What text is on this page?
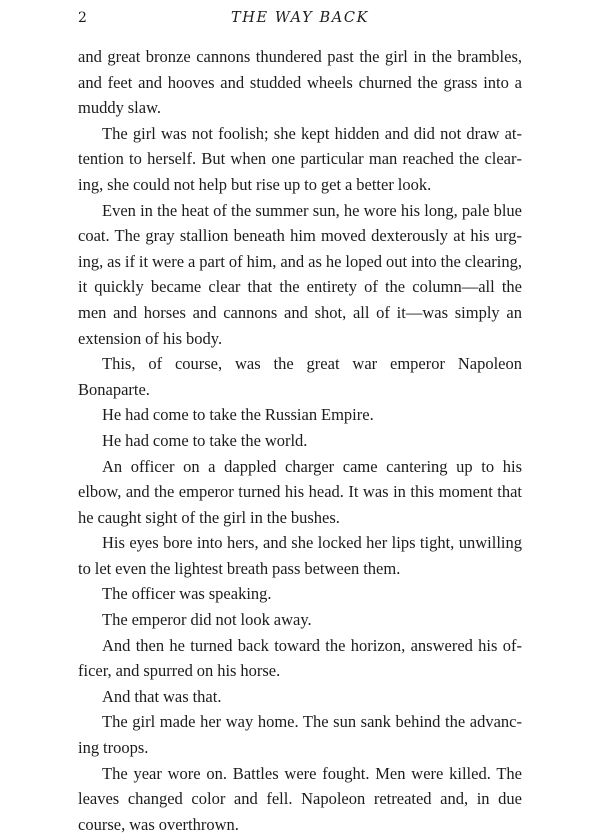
2	THE WAY BACK

and great bronze cannons thundered past the girl in the brambles, and feet and hooves and studded wheels churned the grass into a muddy slaw.

The girl was not foolish; she kept hidden and did not draw attention to herself. But when one particular man reached the clearing, she could not help but rise up to get a better look.

Even in the heat of the summer sun, he wore his long, pale blue coat. The gray stallion beneath him moved dexterously at his urging, as if it were a part of him, and as he loped out into the clearing, it quickly became clear that the entirety of the column—all the men and horses and cannons and shot, all of it—was simply an extension of his body.

This, of course, was the great war emperor Napoleon Bonaparte.

He had come to take the Russian Empire.

He had come to take the world.

An officer on a dappled charger came cantering up to his elbow, and the emperor turned his head. It was in this moment that he caught sight of the girl in the bushes.

His eyes bore into hers, and she locked her lips tight, unwilling to let even the lightest breath pass between them.

The officer was speaking.

The emperor did not look away.

And then he turned back toward the horizon, answered his officer, and spurred on his horse.

And that was that.

The girl made her way home. The sun sank behind the advancing troops.

The year wore on. Battles were fought. Men were killed. The leaves changed color and fell. Napoleon retreated and, in due course, was overthrown.
